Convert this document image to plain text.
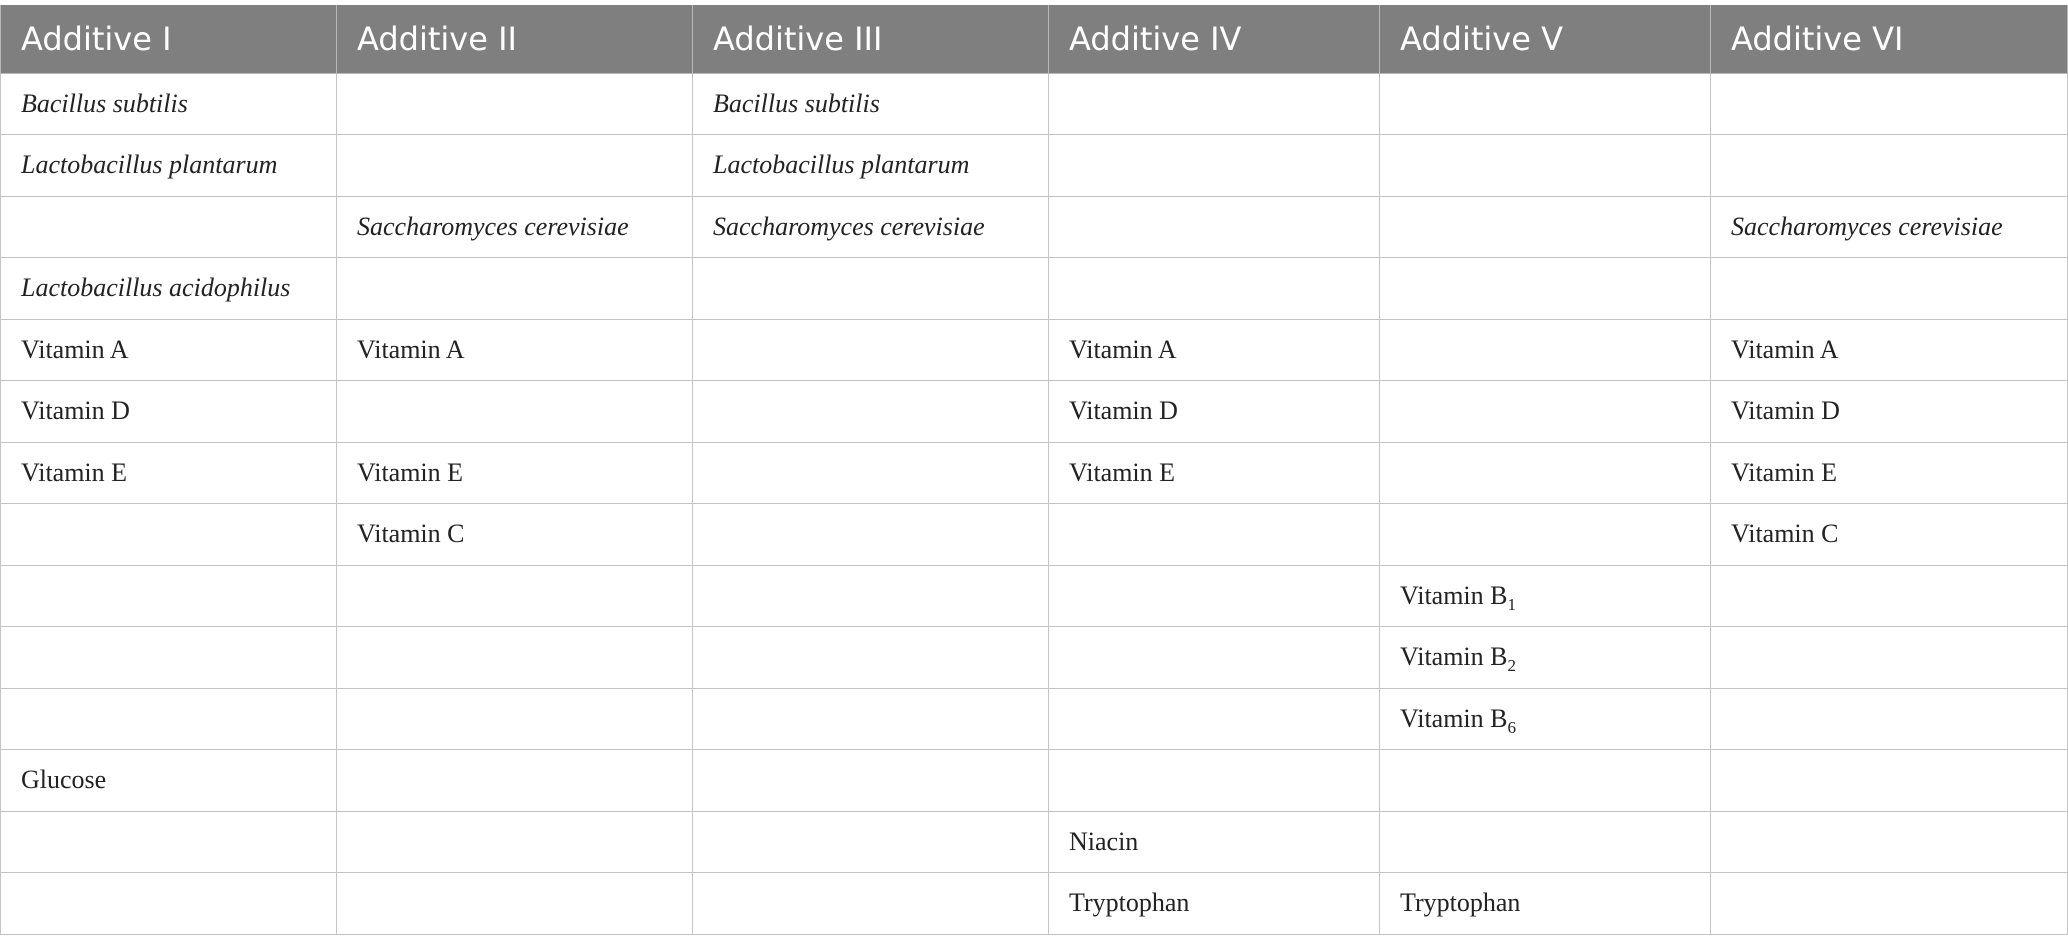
Additive I	Additive II	Additive III	Additive IV	Additive V	Additive VI
Bacillus subtilis		Bacillus subtilis			
Lactobacillus plantarum		Lactobacillus plantarum			
	Saccharomyces cerevisiae	Saccharomyces cerevisiae			Saccharomyces cerevisiae
Lactobacillus acidophilus					
Vitamin A	Vitamin A		Vitamin A		Vitamin A
Vitamin D			Vitamin D		Vitamin D
Vitamin E	Vitamin E		Vitamin E		Vitamin E
	Vitamin C				Vitamin C
				Vitamin $B_1$	
				Vitamin $B_2$	
				Vitamin $B_6$	
Glucose					
			Niacin		
			Tryptophan	Tryptophan	
